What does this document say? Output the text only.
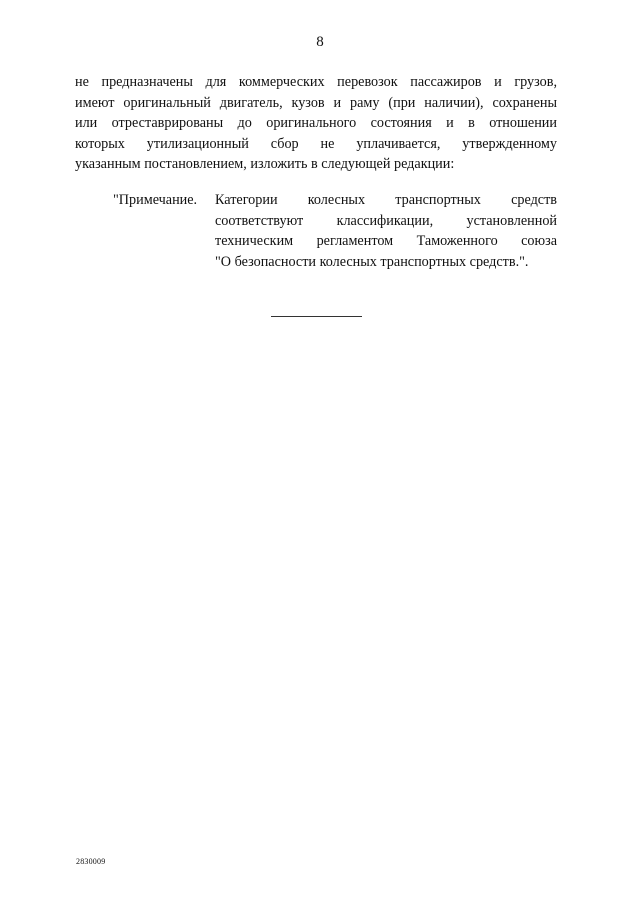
8
не предназначены для коммерческих перевозок пассажиров и грузов,
имеют оригинальный двигатель, кузов и раму (при наличии), сохранены
или отреставрированы до оригинального состояния и в отношении
которых утилизационный сбор не уплачивается, утвержденному
указанным постановлением, изложить в следующей редакции:
"Примечание. Категории колесных транспортных средств
соответствуют классификации, установленной
техническим регламентом Таможенного союза
"О безопасности колесных транспортных средств.".
2830009
